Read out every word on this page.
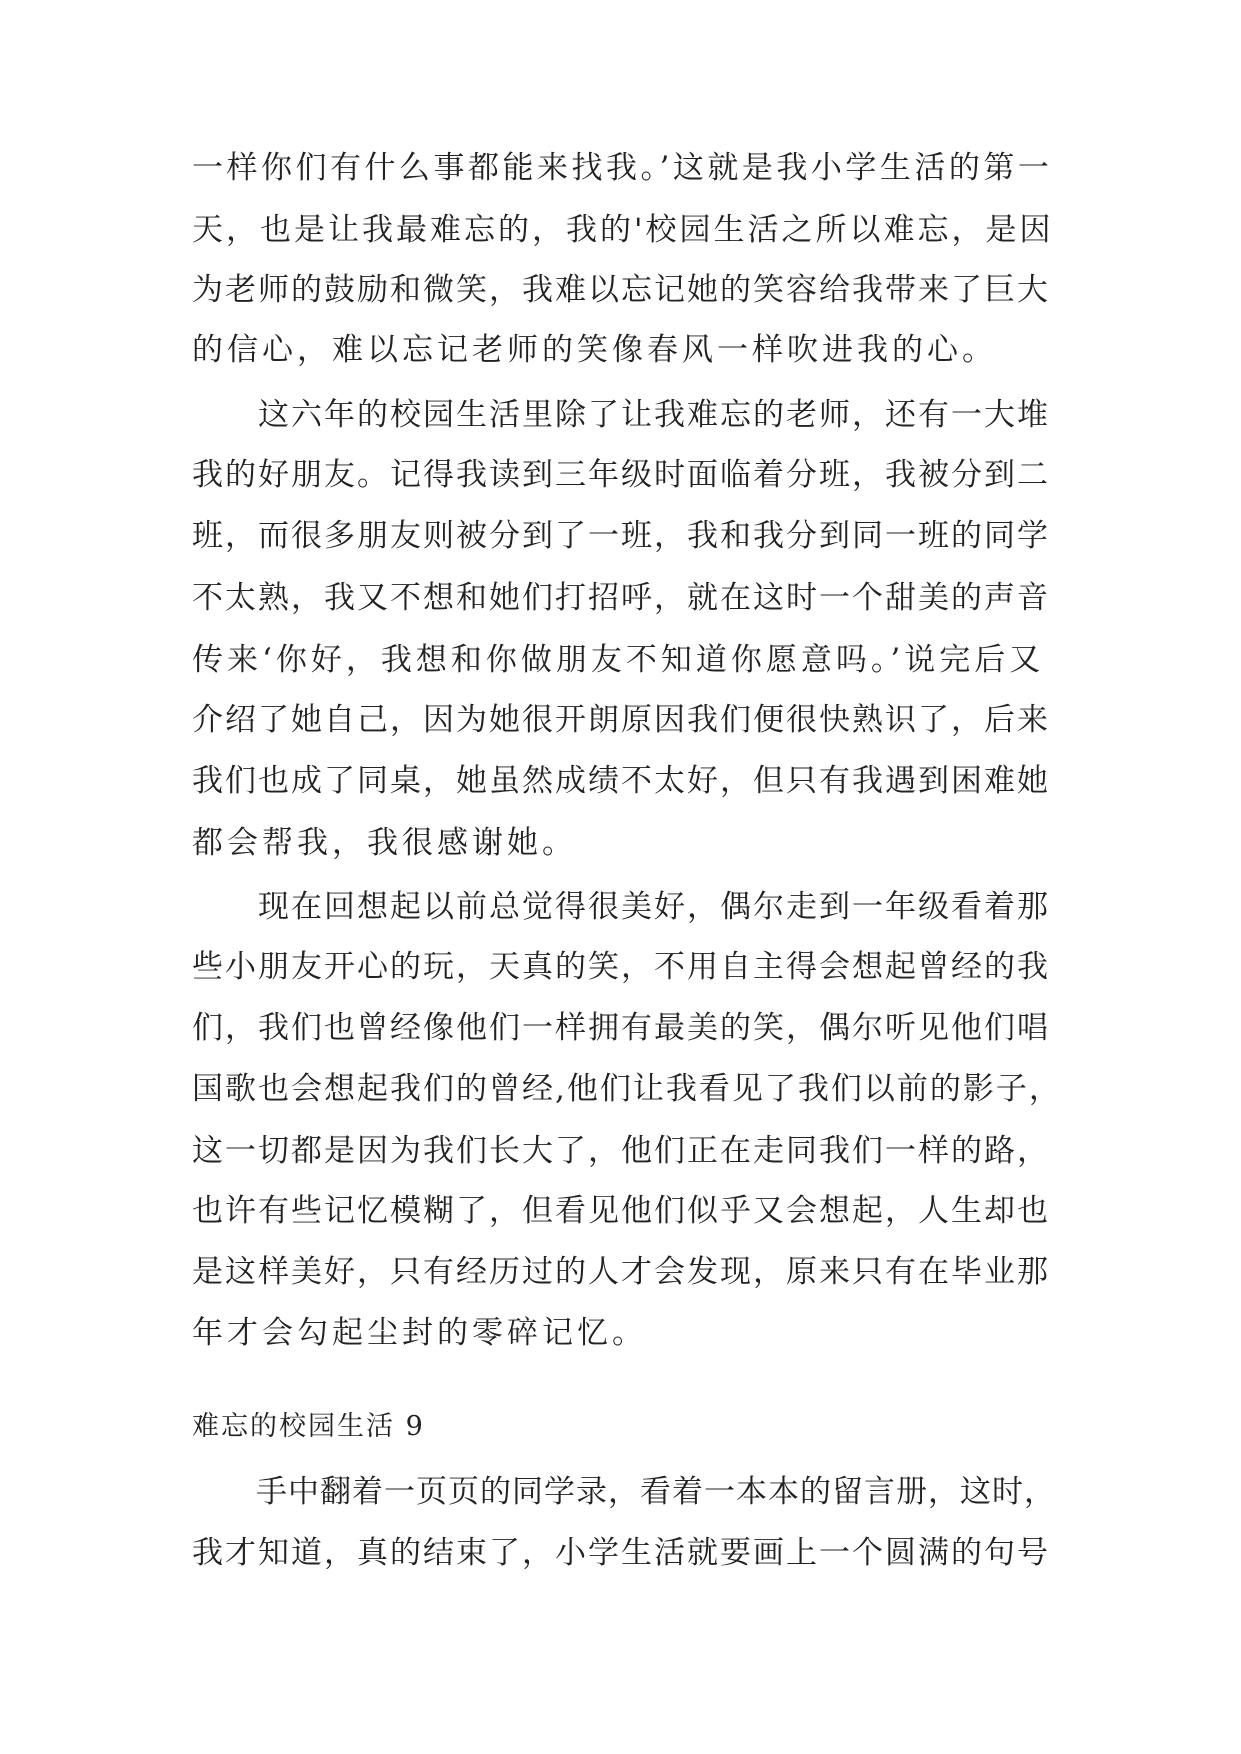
一样你们有什么事都能来找我。’这就是我小学生活的第一
天，也是让我最难忘的，我的'校园生活之所以难忘，是因
为老师的鼓励和微笑，我难以忘记她的笑容给我带来了巨大
的信心，难以忘记老师的笑像春风一样吹进我的心。
　　这六年的校园生活里除了让我难忘的老师，还有一大堆
我的好朋友。记得我读到三年级时面临着分班，我被分到二
班，而很多朋友则被分到了一班，我和我分到同一班的同学
不太熟，我又不想和她们打招呼，就在这时一个甜美的声音
传来‘你好，我想和你做朋友不知道你愿意吗。’说完后又
介绍了她自己，因为她很开朗原因我们便很快熟识了，后来
我们也成了同桌，她虽然成绩不太好，但只有我遇到困难她
都会帮我，我很感谢她。
　　现在回想起以前总觉得很美好，偶尔走到一年级看着那
些小朋友开心的玩，天真的笑，不用自主得会想起曾经的我
们，我们也曾经像他们一样拥有最美的笑，偶尔听见他们唱
国歌也会想起我们的曾经,他们让我看见了我们以前的影子，
这一切都是因为我们长大了，他们正在走同我们一样的路，
也许有些记忆模糊了，但看见他们似乎又会想起，人生却也
是这样美好，只有经历过的人才会发现，原来只有在毕业那
年才会勾起尘封的零碎记忆。
难忘的校园生活 9
　　手中翻着一页页的同学录，看着一本本的留言册，这时，
我才知道，真的结束了，小学生活就要画上一个圆满的句号
